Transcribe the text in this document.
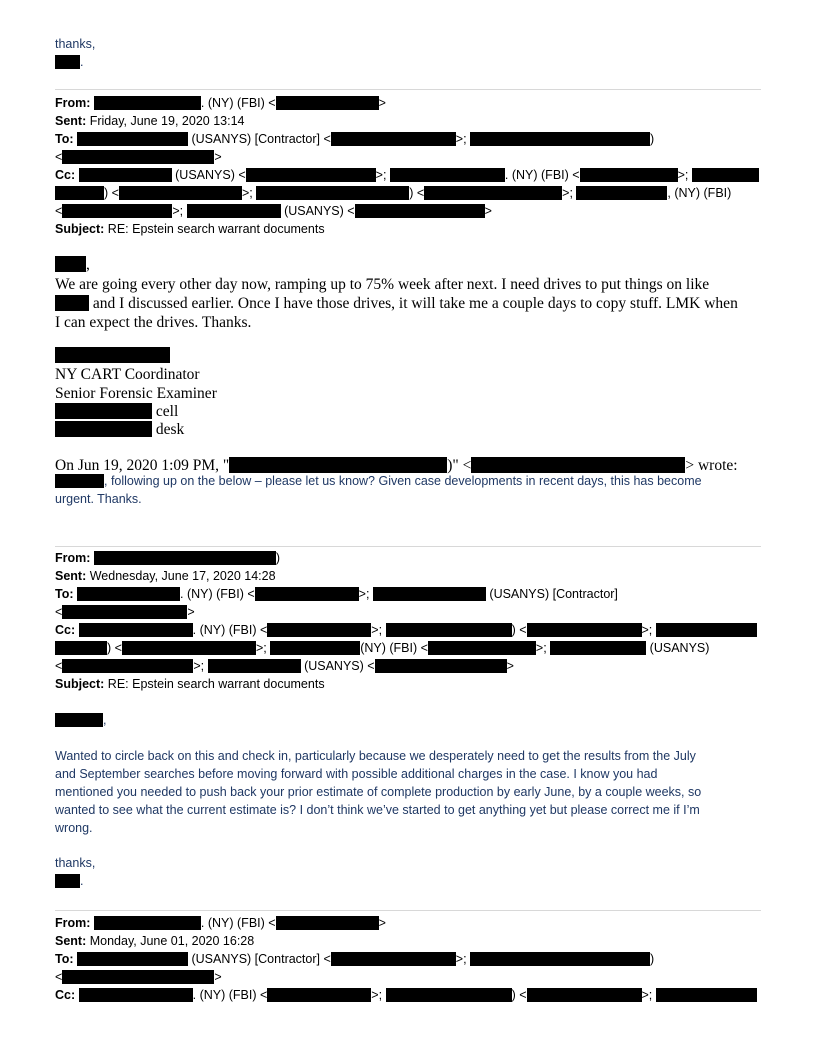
thanks,
.
From:	. (NY) (FBI) <	>
Sent: Friday, June 19, 2020 13:14
To:	(USANYS) [Contractor] <	>;	)
<	>
Cc:	(USANYS) <	>;	. (NY) (FBI) <	>;
) <	>;	) <	>;	, (NY) (FBI)
<	>;	(USANYS) <	>
Subject: RE: Epstein search warrant documents
,
We are going every other day now, ramping up to 75% week after next. I need drives to put things on like
and I discussed earlier. Once I have those drives, it will take me a couple days to copy stuff. LMK when
I can expect the drives. Thanks.
NY CART Coordinator
Senior Forensic Examiner
cell
desk
On Jun 19, 2020 1:09 PM, "	)" <	> wrote:
, following up on the below – please let us know? Given case developments in recent days, this has become
urgent. Thanks.
From:	)
Sent: Wednesday, June 17, 2020 14:28
To:	. (NY) (FBI) <	>;	(USANYS) [Contractor]
<	>
Cc:	. (NY) (FBI) <	>;	) <	>;
) <	>;	(NY) (FBI) <	>;	(USANYS)
<	>;	(USANYS) <	>
Subject: RE: Epstein search warrant documents
,
Wanted to circle back on this and check in, particularly because we desperately need to get the results from the July
and September searches before moving forward with possible additional charges in the case. I know you had
mentioned you needed to push back your prior estimate of complete production by early June, by a couple weeks, so
wanted to see what the current estimate is? I don’t think we’ve started to get anything yet but please correct me if I’m
wrong.
thanks,
.
From:	. (NY) (FBI) <	>
Sent: Monday, June 01, 2020 16:28
To:	(USANYS) [Contractor] <	>;	)
<	>
Cc:	. (NY) (FBI) <	>;	) <	>;
